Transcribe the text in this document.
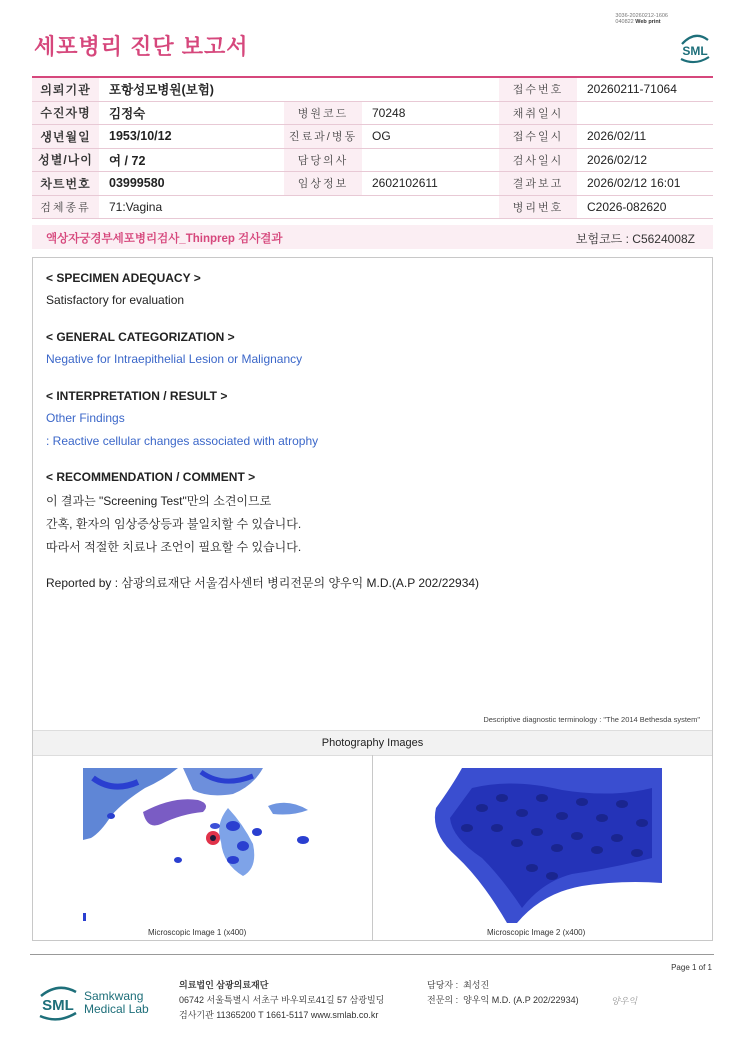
세포병리 진단 보고서
3036-20260212-1606
040822 Web print
SML
의뢰기관	포항성모병원(보험)			접수번호	20260211-71064
수진자명	김정숙	병원코드	70248	채취일시	
생년월일	1953/10/12	진료과/병동	OG	접수일시	2026/02/11
성별/나이	여 / 72	담당의사		검사일시	2026/02/12
차트번호	03999580	임상정보	2602102611	결과보고	2026/02/12 16:01
검체종류	71:Vagina			병리번호	C2026-082620
액상자궁경부세포병리검사_Thinprep 검사결과	보험코드 : C5624008Z
< SPECIMEN ADEQUACY >
Satisfactory for evaluation
< GENERAL CATEGORIZATION >
Negative for Intraepithelial Lesion or Malignancy
< INTERPRETATION / RESULT >
Other Findings
: Reactive cellular changes associated with atrophy
< RECOMMENDATION / COMMENT >
이 결과는 "Screening Test"만의 소견이므로
간혹, 환자의 임상증상등과 불일치할 수 있습니다.
따라서 적절한 치료나 조언이 필요할 수 있습니다.
Reported by : 삼광의료재단 서울검사센터 병리전문의 양우익 M.D.(A.P 202/22934)
Descriptive diagnostic terminology : "The 2014 Bethesda system"
Photography Images
Microscopic Image 1 (x400)	Microscopic Image 2 (x400)
Page 1 of 1
SML
Samkwang
Medical Lab
의료법인 삼광의료재단
06742 서울특별시 서초구 바우뫼로41길 57 삼광빌딩
검사기관 11365200 T 1661-5117 www.smlab.co.kr
담당자 : 최성진
전문의 : 양우익 M.D. (A.P 202/22934)	양우익
